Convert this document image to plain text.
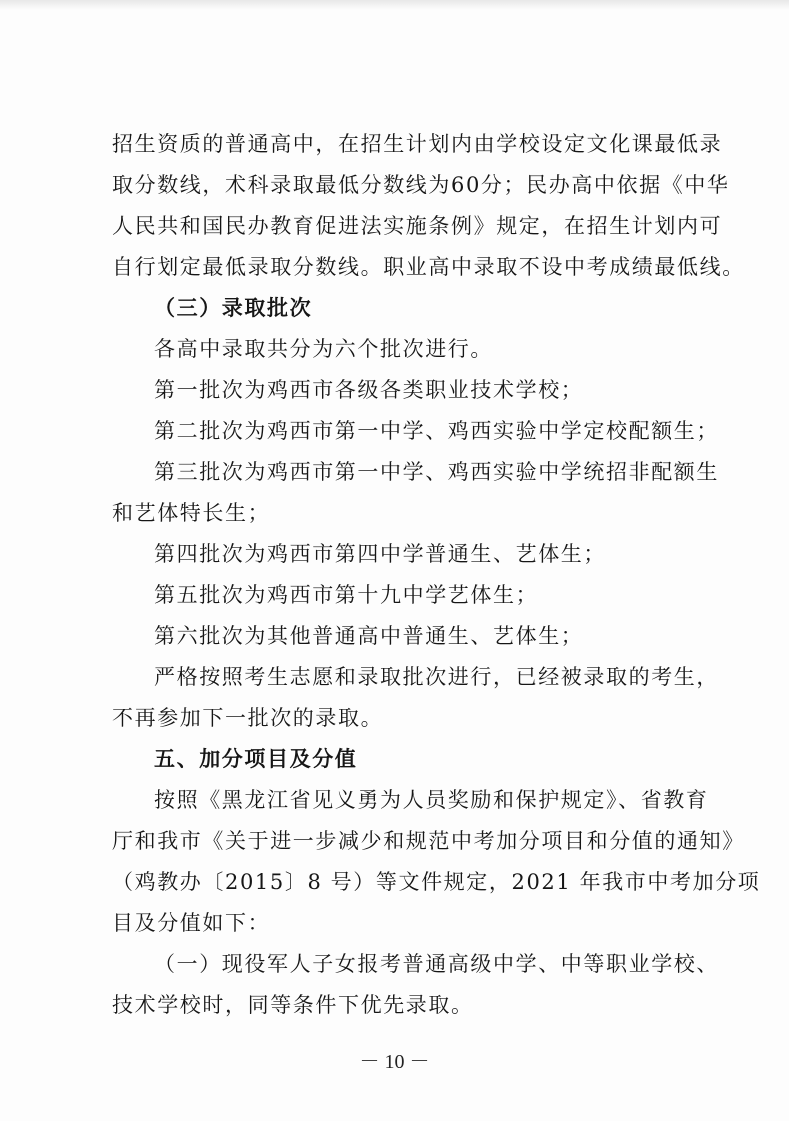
招生资质的普通高中，在招生计划内由学校设定文化课最低录
取分数线，术科录取最低分数线为60分；民办高中依据《中华
人民共和国民办教育促进法实施条例》规定，在招生计划内可
自行划定最低录取分数线。职业高中录取不设中考成绩最低线。
（三）录取批次
各高中录取共分为六个批次进行。
第一批次为鸡西市各级各类职业技术学校；
第二批次为鸡西市第一中学、鸡西实验中学定校配额生；
第三批次为鸡西市第一中学、鸡西实验中学统招非配额生
和艺体特长生；
第四批次为鸡西市第四中学普通生、艺体生；
第五批次为鸡西市第十九中学艺体生；
第六批次为其他普通高中普通生、艺体生；
严格按照考生志愿和录取批次进行，已经被录取的考生，
不再参加下一批次的录取。
五、加分项目及分值
按照《黑龙江省见义勇为人员奖励和保护规定》、省教育
厅和我市《关于进一步减少和规范中考加分项目和分值的通知》
（鸡教办〔2015〕8 号）等文件规定，2021 年我市中考加分项
目及分值如下：
（一）现役军人子女报考普通高级中学、中等职业学校、
技术学校时，同等条件下优先录取。
－ 10 －
